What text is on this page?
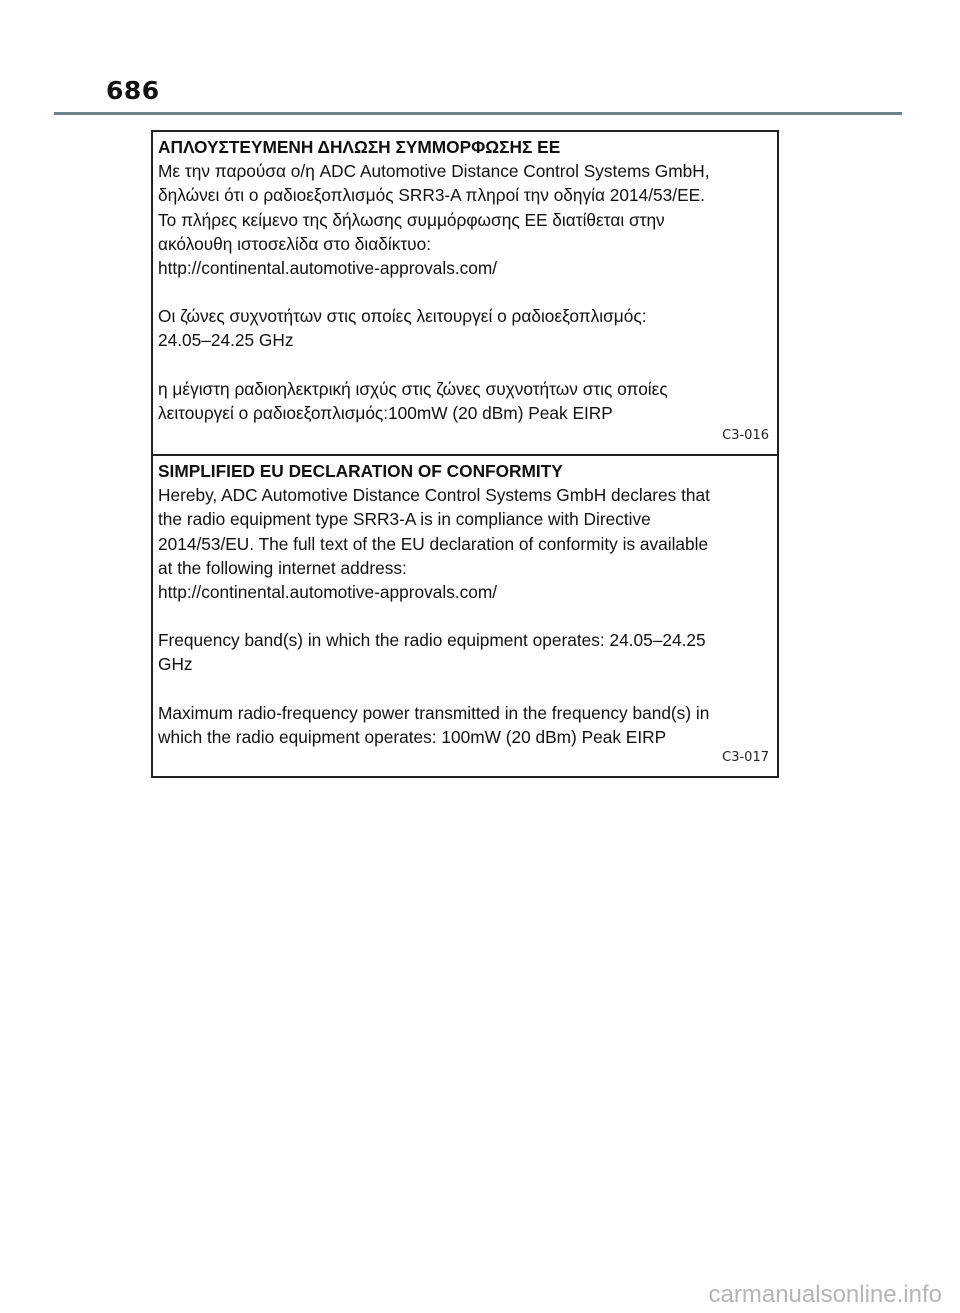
686

ΑΠΛΟΥΣΤΕΥΜΕΝΗ ΔΗΛΩΣΗ ΣΥΜΜΟΡΦΩΣΗΣ ΕΕ

Με την παρούσα ο/η ADC Automotive Distance Control Systems GmbH,

δηλώνει ότι ο ραδιοεξοπλισμός SRR3-A πληροί την οδηγία 2014/53/ΕΕ.

Το πλήρες κείμενο της δήλωσης συμμόρφωσης ΕΕ διατίθεται στην

ακόλουθη ιστοσελίδα στο διαδίκτυο:

http://continental.automotive-approvals.com/

Οι ζώνες συχνοτήτων στις οποίες λειτουργεί ο ραδιοεξοπλισμός:

24.05–24.25 GHz

η μέγιστη ραδιοηλεκτρική ισχύς στις ζώνες συχνοτήτων στις οποίες

λειτουργεί ο ραδιοεξοπλισμός:100mW (20 dBm) Peak EIRP

C3-016

SIMPLIFIED EU DECLARATION OF CONFORMITY

Hereby, ADC Automotive Distance Control Systems GmbH declares that

the radio equipment type SRR3-A is in compliance with Directive

2014/53/EU. The full text of the EU declaration of conformity is available

at the following internet address:

http://continental.automotive-approvals.com/

Frequency band(s) in which the radio equipment operates: 24.05–24.25

GHz

Maximum radio-frequency power transmitted in the frequency band(s) in

which the radio equipment operates: 100mW (20 dBm) Peak EIRP

C3-017
carmanualsonline.info
